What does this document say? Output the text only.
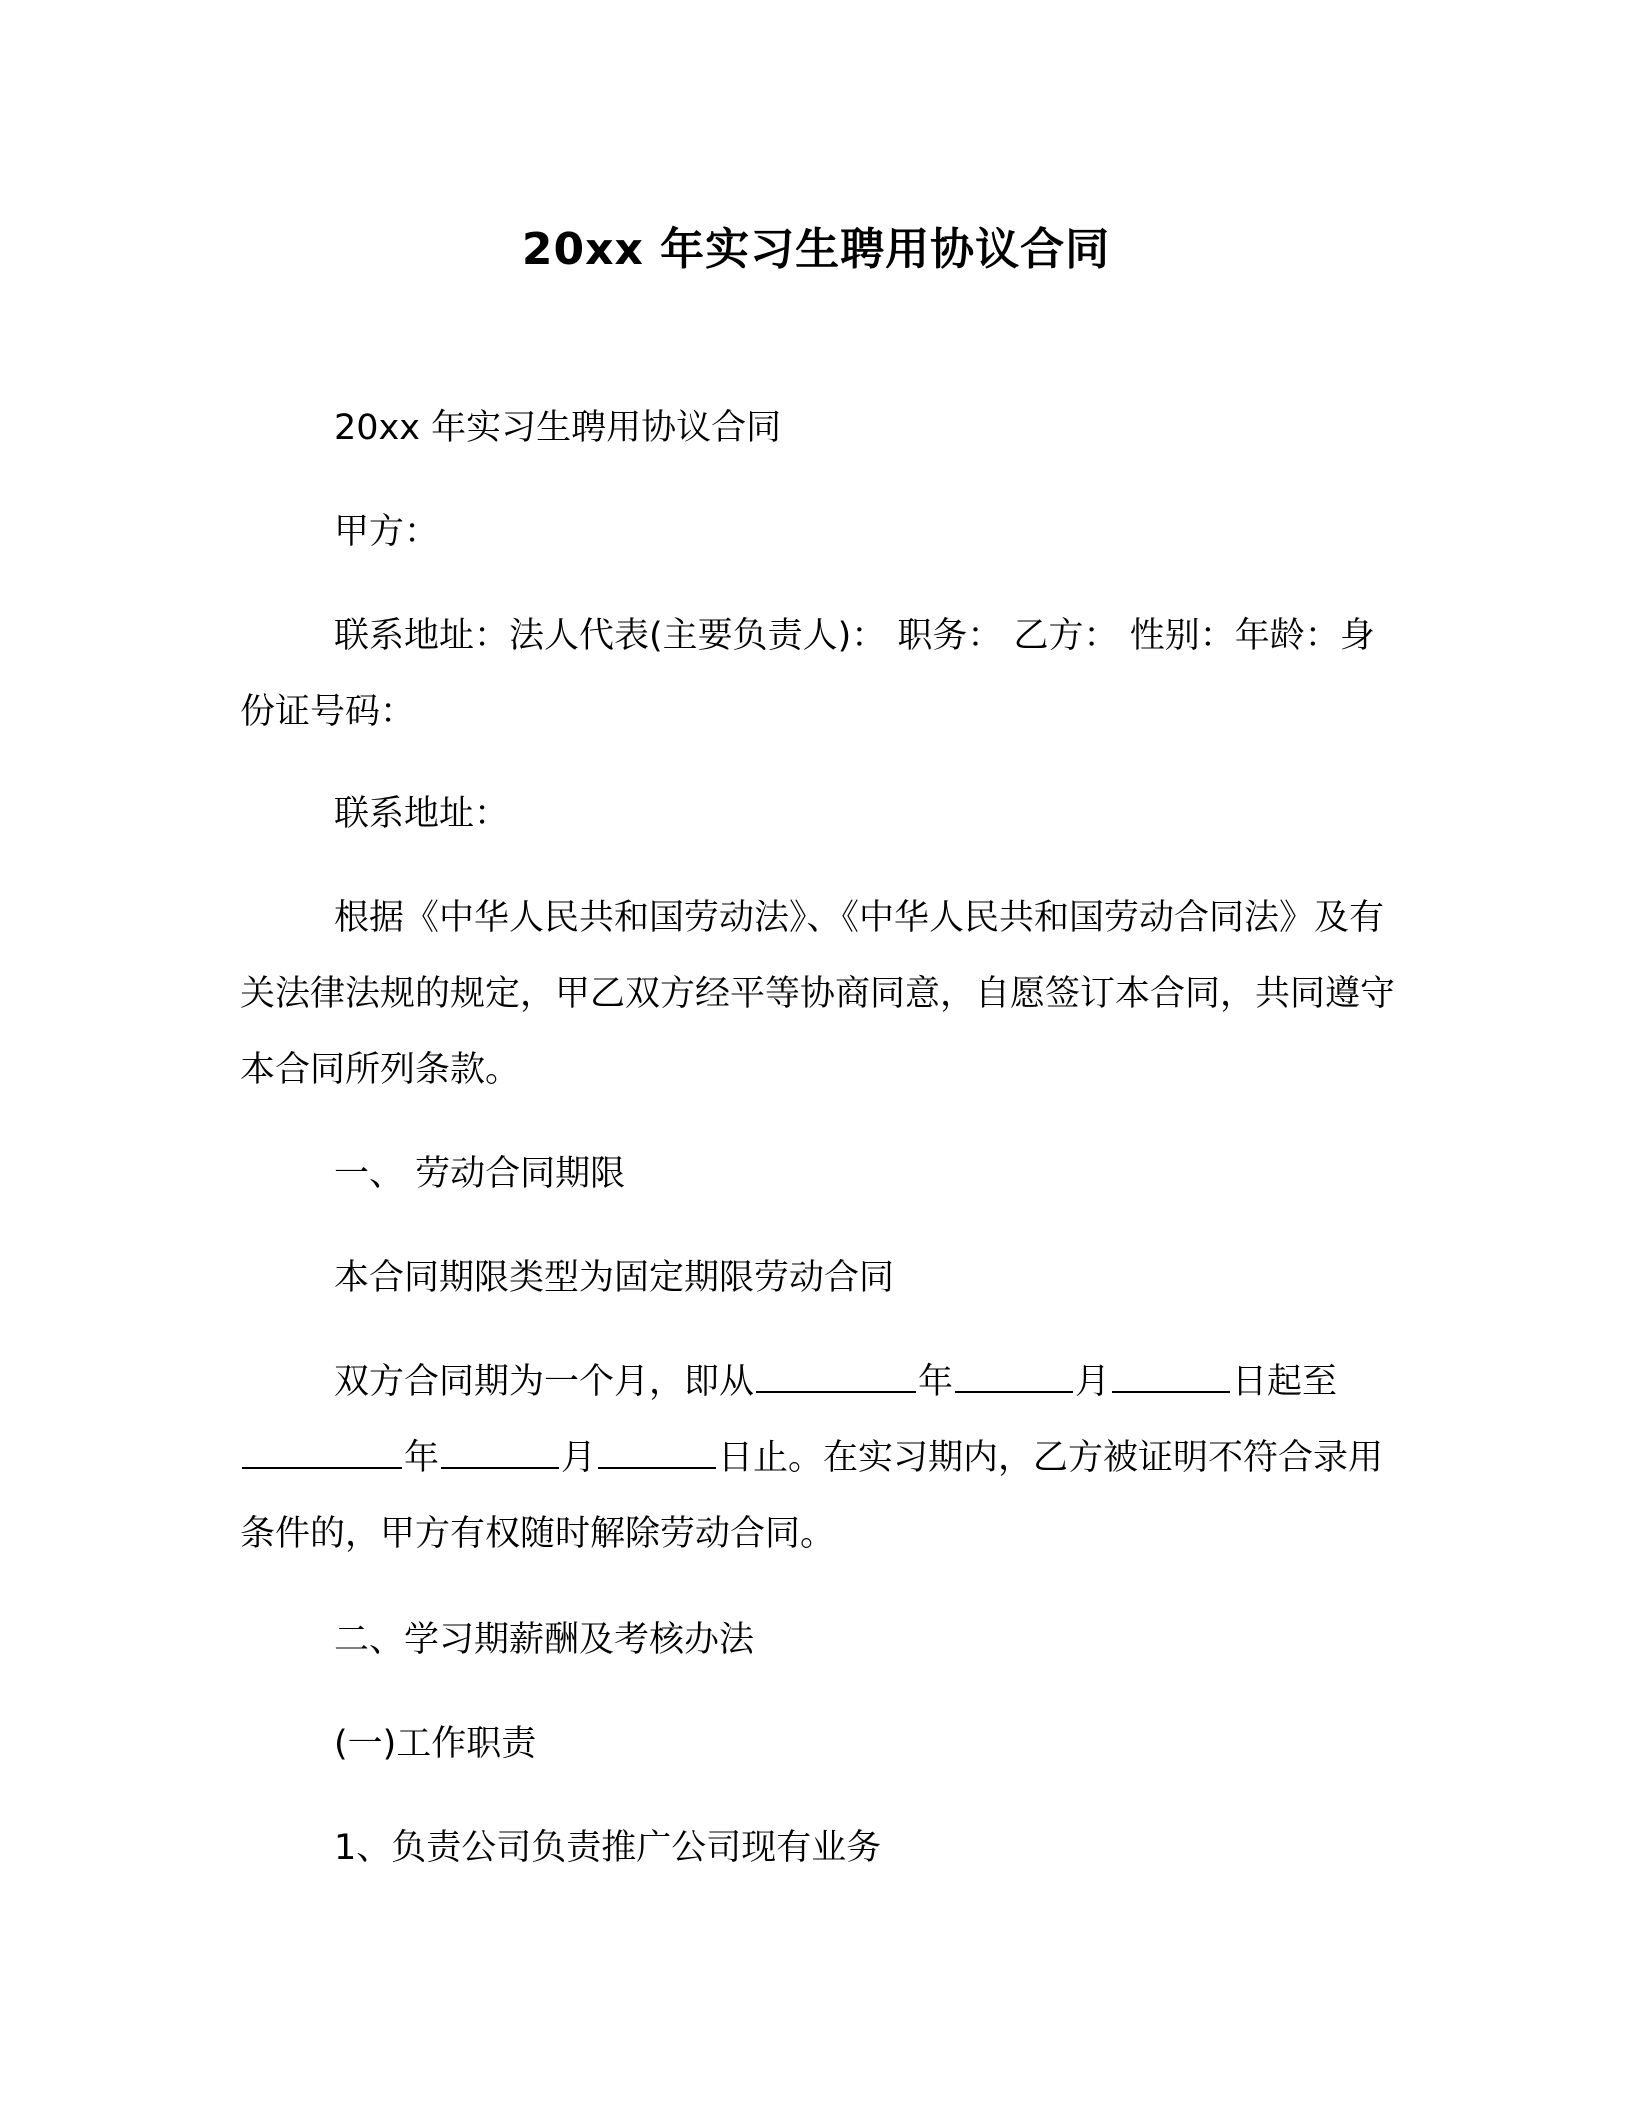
20xx 年实习生聘用协议合同
20xx 年实习生聘用协议合同
甲方：
联系地址：法人代表(主要负责人)： 职务： 乙方： 性别：年龄：身份证号码：
联系地址：
根据《中华人民共和国劳动法》、《中华人民共和国劳动合同法》及有关法律法规的规定，甲乙双方经平等协商同意，自愿签订本合同，共同遵守本合同所列条款。
一、 劳动合同期限
本合同期限类型为固定期限劳动合同
双方合同期为一个月，即从	年	月	日起至年	月	日止。在实习期内，乙方被证明不符合录用条件的，甲方有权随时解除劳动合同。
二、学习期薪酬及考核办法
(一)工作职责
1、负责公司负责推广公司现有业务
